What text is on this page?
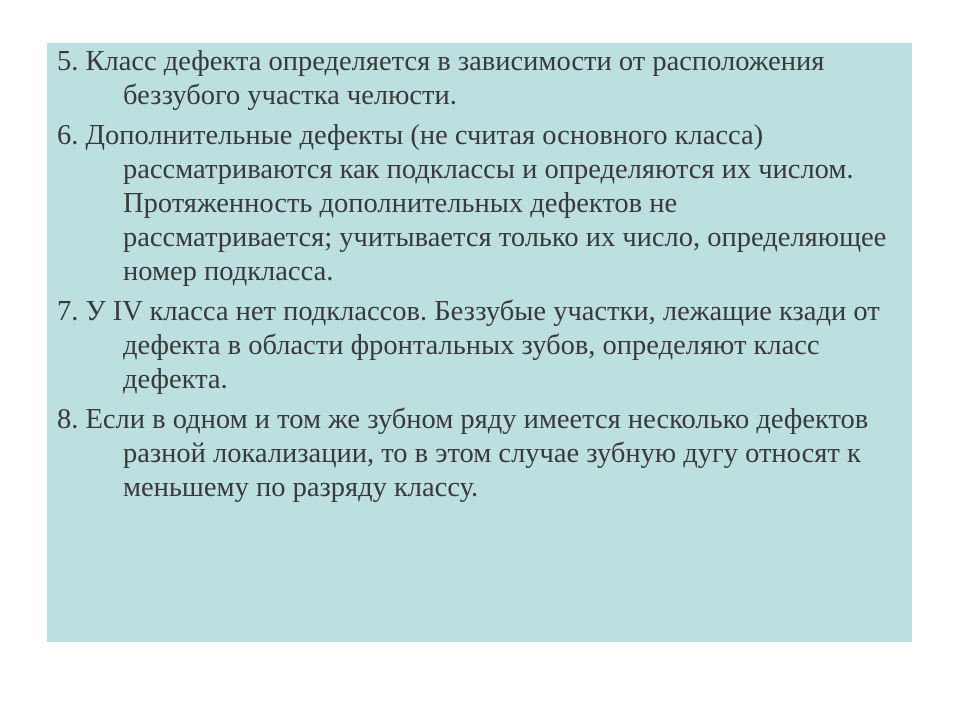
5. Класс дефекта определяется в зависимости от расположения беззубого участка челюсти.

6. Дополнительные дефекты (не считая основного класса) рассматриваются как подклассы и определяются их числом. Протяженность дополнительных дефектов не рассматривается; учитывается только их число, определяющее номер подкласса.

7. У IV класса нет подклассов. Беззубые участки, лежащие кзади от дефекта в области фронтальных зубов, определяют класс дефекта.

8. Если в одном и том же зубном ряду имеется несколько дефектов разной локализации, то в этом случае зубную дугу относят к меньшему по разряду классу.
